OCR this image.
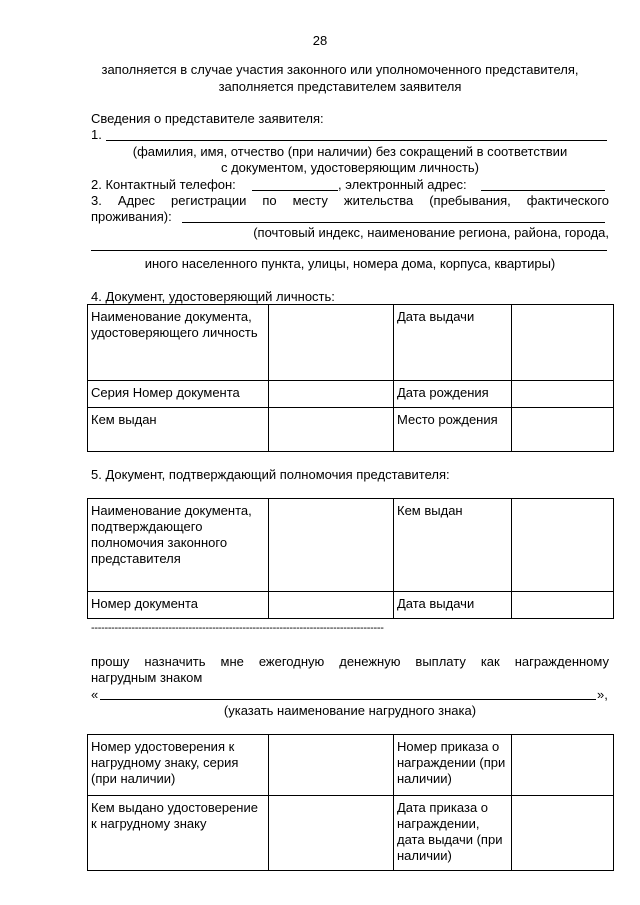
28
заполняется в случае участия законного или уполномоченного представителя,
заполняется представителем заявителя
Сведения о представителе заявителя:
1.
(фамилия, имя, отчество (при наличии) без сокращений в соответствии
с документом, удостоверяющим личность)
2. Контактный телефон:	, электронный адрес:
3. Адрес регистрации по месту жительства (пребывания, фактического
проживания):
(почтовый индекс, наименование региона, района, города,
иного населенного пункта, улицы, номера дома, корпуса, квартиры)
4. Документ, удостоверяющий личность:
Наименование документа, удостоверяющего личность		Дата выдачи	
Серия Номер документа		Дата рождения	
Кем выдан		Место рождения	
5. Документ, подтверждающий полномочия представителя:
Наименование документа, подтверждающего полномочия законного представителя		Кем выдан	
Номер документа		Дата выдачи	
---------------------------------------------------------------------------------------
прошу назначить мне ежегодную денежную выплату как награжденному
нагрудным знаком
«	»,
(указать наименование нагрудного знака)
Номер удостоверения к нагрудному знаку, серия (при наличии)		Номер приказа о награждении (при наличии)	
Кем выдано удостоверение к нагрудному знаку		Дата приказа о награждении, дата выдачи (при наличии)	
